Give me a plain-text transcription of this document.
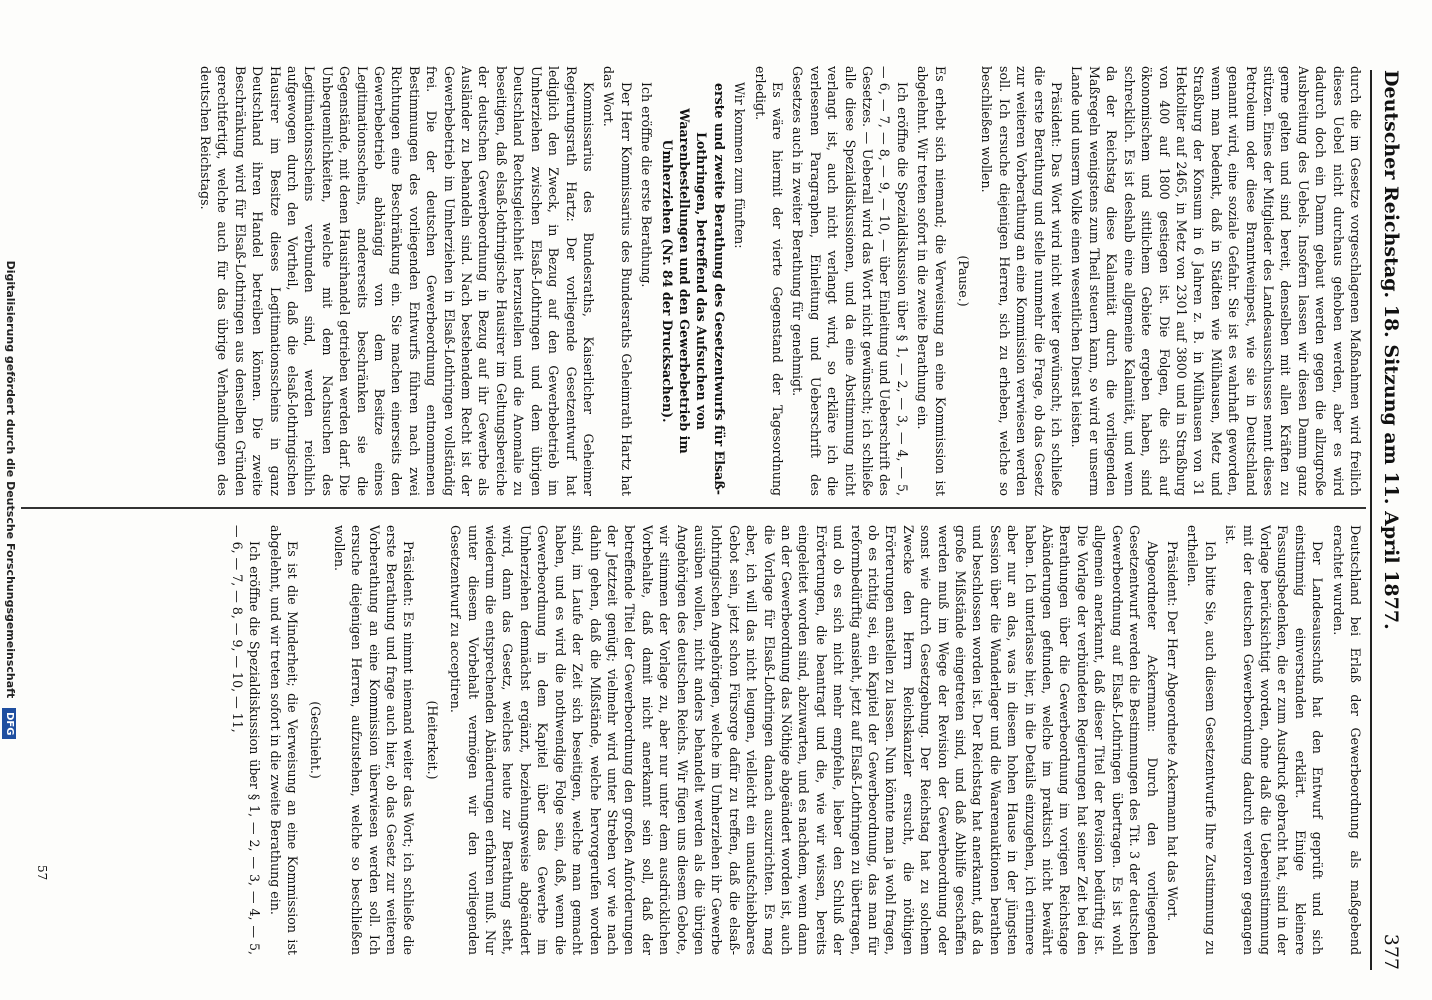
Deutscher Reichstag. 18. Sitzung am 11. April 1877.
377

durch die im Gesetze vorgeschlagenen Maßnahmen wird freilich dieses Uebel nicht durchaus gehoben werden, aber es wird dadurch doch ein Damm gebaut werden gegen die allzugroße Ausbreitung des Uebels. Insofern lassen wir diesen Damm ganz gerne gelten und sind bereit, denselben mit allen Kräften zu stützen. Eines der Mitglieder des Landesausschusses nennt dieses Petroleum oder diese Branntweinpest, wie sie in Deutschland genannt wird, eine soziale Gefahr. Sie ist es wahrhaft geworden, wenn man bedenkt, daß in Städten wie Mülhausen, Metz und Straßburg der Konsum in 6 Jahren z. B. in Mülhausen von 31 Hektoliter auf 2465, in Metz von 2301 auf 3800 und in Straßburg von 400 auf 1800 gestiegen ist. Die Folgen, die sich auf ökonomischem und sittlichem Gebiete ergeben haben, sind schrecklich. Es ist deshalb eine allgemeine Kalamität, und wenn da der Reichstag diese Kalamität durch die vorliegenden Maßregeln wenigstens zum Theil steuern kann, so wird er unserm Lande und unserm Volke einen wesentlichen Dienst leisten.

Präsident: Das Wort wird nicht weiter gewünscht; ich schließe die erste Berathung und stelle nunmehr die Frage, ob das Gesetz zur weiteren Vorberathung an eine Kommission verwiesen werden soll. Ich ersuche diejenigen Herren, sich zu erheben, welche so beschließen wollen.

(Pause.)

Es erhebt sich niemand; die Verweisung an eine Kommission ist abgelehnt. Wir treten sofort in die zweite Berathung ein.

Ich eröffne die Spezialdiskussion über § 1, — 2, — 3, — 4, — 5, — 6, — 7, — 8, — 9, — 10, — über Einleitung und Ueberschrift des Gesetzes. — Ueberall wird das Wort nicht gewünscht; ich schließe alle diese Spezialdiskussionen, und da eine Abstimmung nicht verlangt ist, auch nicht verlangt wird, so erkläre ich die verlesenen Paragraphen, Einleitung und Ueberschrift des Gesetzes auch in zweiter Berathung für genehmigt.

Es wäre hiermit der vierte Gegenstand der Tagesordnung erledigt.

Wir kommen zum fünften:

erste und zweite Berathung des Gesetzentwurfs für Elsaß-Lothringen, betreffend das Aufsuchen von Waarenbestellungen und den Gewerbebetrieb im Umherziehen (Nr. 84 der Drucksachen).

Ich eröffne die erste Berathung.

Der Herr Kommissarius des Bundesraths Geheimrath Hartz hat das Wort.

Kommissarius des Bundesraths, Kaiserlicher Geheimer Regierungsrath Hartz: Der vorliegende Gesetzentwurf hat lediglich den Zweck, in Bezug auf den Gewerbebetrieb im Umherziehen zwischen Elsaß-Lothringen und dem übrigen Deutschland Rechtsgleichheit herzustellen und die Anomalie zu beseitigen, daß elsaß-lothringische Hausirer im Geltungsbereiche der deutschen Gewerbeordnung in Bezug auf ihr Gewerbe als Ausländer zu behandeln sind. Nach bestehendem Recht ist der Gewerbebetrieb im Umherziehen in Elsaß-Lothringen vollständig frei. Die der deutschen Gewerbeordnung entnommenen Bestimmungen des vorliegenden Entwurfs führen nach zwei Richtungen eine Beschränkung ein. Sie machen einerseits den Gewerbebetrieb abhängig von dem Besitze eines Legitimationsscheins, andererseits beschränken sie die Gegenstände, mit denen Hausirhandel getrieben werden darf. Die Unbequemlichkeiten, welche mit dem Nachsuchen des Legitimationsscheins verbunden sind, werden reichlich aufgewogen durch den Vortheil, daß die elsaß-lothringischen Hausirer im Besitze dieses Legitimationsscheins in ganz Deutschland ihren Handel betreiben können. Die zweite Beschränkung wird für Elsaß-Lothringen aus denselben Gründen gerechtfertigt, welche auch für das übrige Verhandlungen des deutschen Reichstags.

Deutschland bei Erlaß der Gewerbeordnung als maßgebend erachtet wurden.

Der Landesausschuß hat den Entwurf geprüft und sich einstimmig einverstanden erklärt. Einige kleinere Fassungsbedenken, die er zum Ausdruck gebracht hat, sind in der Vorlage berücksichtigt worden, ohne daß die Uebereinstimmung mit der deutschen Gewerbeordnung dadurch verloren gegangen ist.

Ich bitte Sie, auch diesem Gesetzentwurfe Ihre Zustimmung zu ertheilen.

Präsident: Der Herr Abgeordnete Ackermann hat das Wort.

Abgeordneter Ackermann: Durch den vorliegenden Gesetzentwurf werden die Bestimmungen des Tit. 3 der deutschen Gewerbeordnung auf Elsaß-Lothringen übertragen. Es ist wohl allgemein anerkannt, daß dieser Titel der Revision bedürftig ist. Die Vorlage der verbündeten Regierungen hat seiner Zeit bei den Berathungen über die Gewerbeordnung im vorigen Reichstage Abänderungen gefunden, welche im praktisch nicht bewährt haben. Ich unterlasse hier, in die Details einzugehen, ich erinnere aber nur an das, was in diesem hohen Hause in der jüngsten Session über die Wanderlager und die Waarenauktionen berathen und beschlossen worden ist. Der Reichstag hat anerkannt, daß da große Mißstände eingetreten sind, und daß Abhilfe geschaffen werden muß im Wege der Revision der Gewerbeordnung oder sonst wie durch Gesetzgebung. Der Reichstag hat zu solchem Zwecke den Herrn Reichskanzler ersucht, die nöthigen Erörterungen anstellen zu lassen. Nun könnte man ja wohl fragen, ob es richtig sei, ein Kapitel der Gewerbeordnung, das man für reformbedürftig ansieht, jetzt auf Elsaß-Lothringen zu übertragen, und ob es sich nicht mehr empfehle, lieber den Schluß der Erörterungen, die beantragt und die, wie wir wissen, bereits eingeleitet worden sind, abzuwarten, und es nachdem, wenn dann an der Gewerbeordnung das Nöthige abgeändert worden ist, auch die Vorlage für Elsaß-Lothringen danach auszurichten. Es mag aber, ich will das nicht leugnen, vielleicht ein unaufschiebbares Gebot sein, jetzt schon Fürsorge dafür zu treffen, daß die elsaß-lothringischen Angehörigen, welche im Umherziehen ihr Gewerbe ausüben wollen, nicht anders behandelt werden als die übrigen Angehörigen des deutschen Reichs. Wir fügen uns diesem Gebote, wir stimmen der Vorlage zu, aber nur unter dem ausdrücklichen Vorbehalte, daß damit nicht anerkannt sein soll, daß der betreffende Titel der Gewerbeordnung den großen Anforderungen der Jetztzeit genügt; vielmehr wird unter Streben vor wie nach dahin gehen, daß die Mißstände, welche hervorgerufen worden sind, im Laufe der Zeit sich beseitigen, welche man gemacht haben, und es wird die nothwendige Folge sein, daß, wenn die Gewerbeordnung in dem Kapitel über das Gewerbe im Umherziehen demnächst ergänzt, beziehungsweise abgeändert wird, dann das Gesetz, welches heute zur Berathung steht, wiederum die entsprechenden Abänderungen erfahren muß. Nur unter diesem Vorbehalt vermögen wir den vorliegenden Gesetzentwurf zu acceptiren.

(Heiterkeit.)

Präsident: Es nimmt niemand weiter das Wort; ich schließe die erste Berathung und frage auch hier, ob das Gesetz zur weiteren Vorberathung an eine Kommission überwiesen werden soll. Ich ersuche diejenigen Herren, aufzustehen, welche so beschließen wollen.

(Geschieht.)

Es ist die Minderheit; die Verweisung an eine Kommission ist abgelehnt, und wir treten sofort in die zweite Berathung ein.

Ich eröffne die Spezialdiskussion über § 1, — 2, — 3, — 4, — 5, — 6, — 7, — 8, — 9, — 10, — 11,

57
Digitalisierung gefördert durch die Deutsche Forschungsgemeinschaft DFG
